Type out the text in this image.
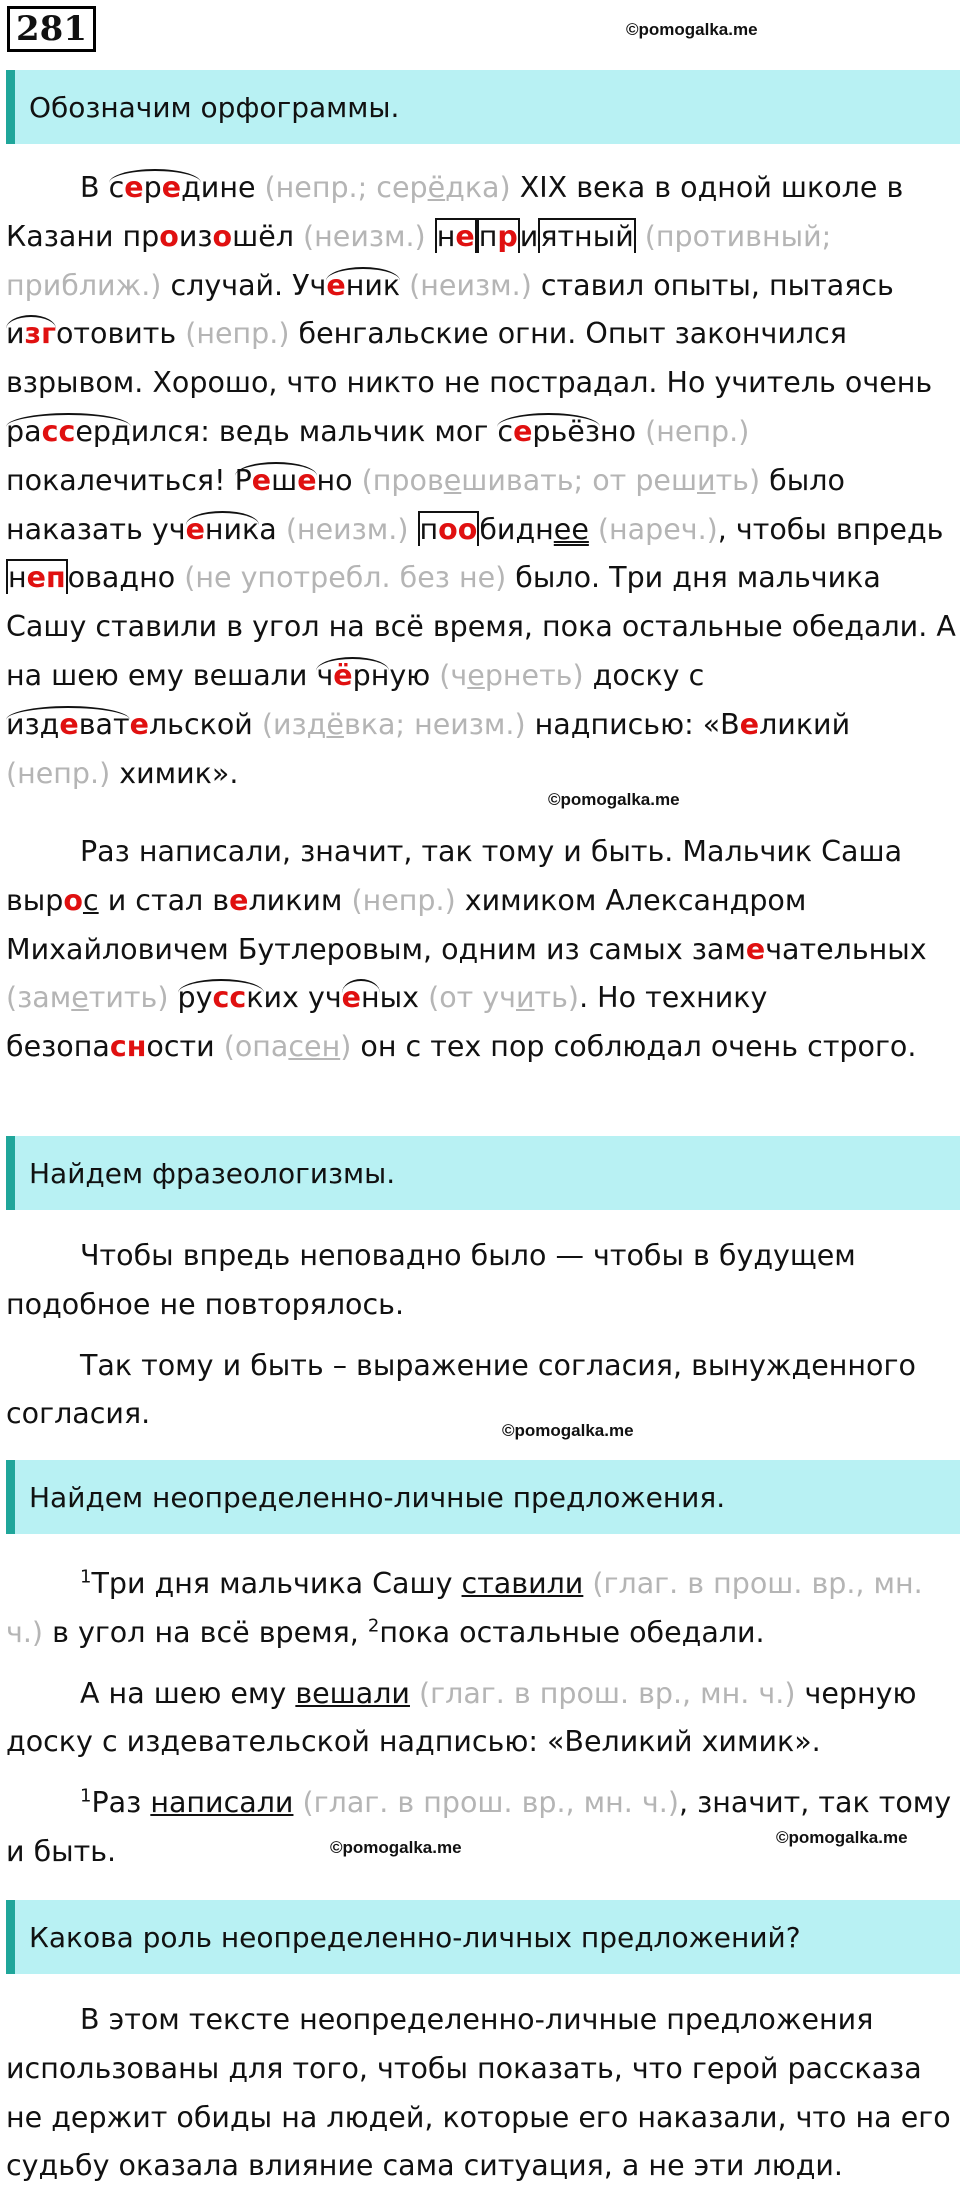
281	©pomogalka.me
Обозначим орфограммы.

В середине (непр.; серёдка) XIX века в одной школе в Казани произошёл (неизм.) не приятный (противный; приближ.) случай. Ученик (неизм.) ставил опыты, пытаясь изготовить (непр.) бенгальские огни. Опыт закончился взрывом. Хорошо, что никто не пострадал. Но учитель очень рассердился: ведь мальчик мог серьёзно (непр.) покалечиться! Решено (провешивать; от решить) было наказать ученика (неизм.) пообиднее (нареч.), чтобы впредь неповадно (не употребл. без не) было. Три дня мальчика Сашу ставили в угол на всё время, пока остальные обедали. А на шею ему вешали чёрную (чернеть) доску с издевательской (издёвка; неизм.) надписью: «Великий (непр.) химик».

©pomogalka.me

Раз написали, значит, так тому и быть. Мальчик Саша вырос и стал великим (непр.) химиком Александром Михайловичем Бутлеровым, одним из самых замечательных (заметить) русских ученых (от учить). Но технику безопасности (опасен) он с тех пор соблюдал очень строго.

Найдем фразеологизмы.

Чтобы впредь неповадно было — чтобы в будущем подобное не повторялось.

Так тому и быть – выражение согласия, вынужденного согласия.

©pomogalka.me
Найдем неопределенно-личные предложения.

$^1$Три дня мальчика Сашу ставили (глаг. в прош. вр., мн. ч.) в угол на всё время, $^2$пока остальные обедали.

А на шею ему вешали (глаг. в прош. вр., мн. ч.) черную доску с издевательской надписью: «Великий химик».

$^1$Раз написали (глаг. в прош. вр., мн. ч.), значит, так тому и быть.	©pomogalka.me
©pomogalka.me
Какова роль неопределенно-личных предложений?

В этом тексте неопределенно-личные предложения использованы для того, чтобы показать, что герой рассказа не держит обиды на людей, которые его наказали, что на его судьбу оказала влияние сама ситуация, а не эти люди.
